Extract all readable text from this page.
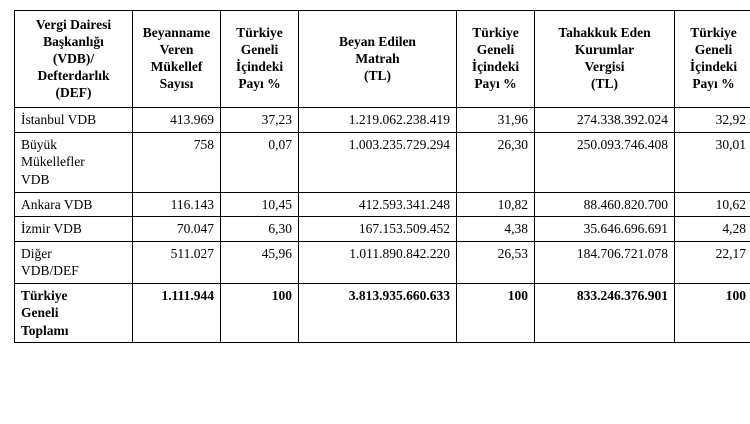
Vergi Dairesi
Başkanlığı
(VDB)/
Defterdarlık
(DEF)	Beyanname
Veren
Mükellef
Sayısı	Türkiye
Geneli
İçindeki
Payı %	Beyan Edilen
Matrah
(TL)	Türkiye
Geneli
İçindeki
Payı %	Tahakkuk Eden
Kurumlar
Vergisi
(TL)	Türkiye
Geneli
İçindeki
Payı %

İstanbul VDB	413.969	37,23	1.219.062.238.419	31,96	274.338.392.024	32,92

Büyük
Mükellefler
VDB	758	0,07	1.003.235.729.294	26,30	250.093.746.408	30,01

Ankara VDB	116.143	10,45	412.593.341.248	10,82	88.460.820.700	10,62

İzmir VDB	70.047	6,30	167.153.509.452	4,38	35.646.696.691	4,28

Diğer
VDB/DEF	511.027	45,96	1.011.890.842.220	26,53	184.706.721.078	22,17

Türkiye
Geneli
Toplamı	1.111.944	100	3.813.935.660.633	100	833.246.376.901	100
